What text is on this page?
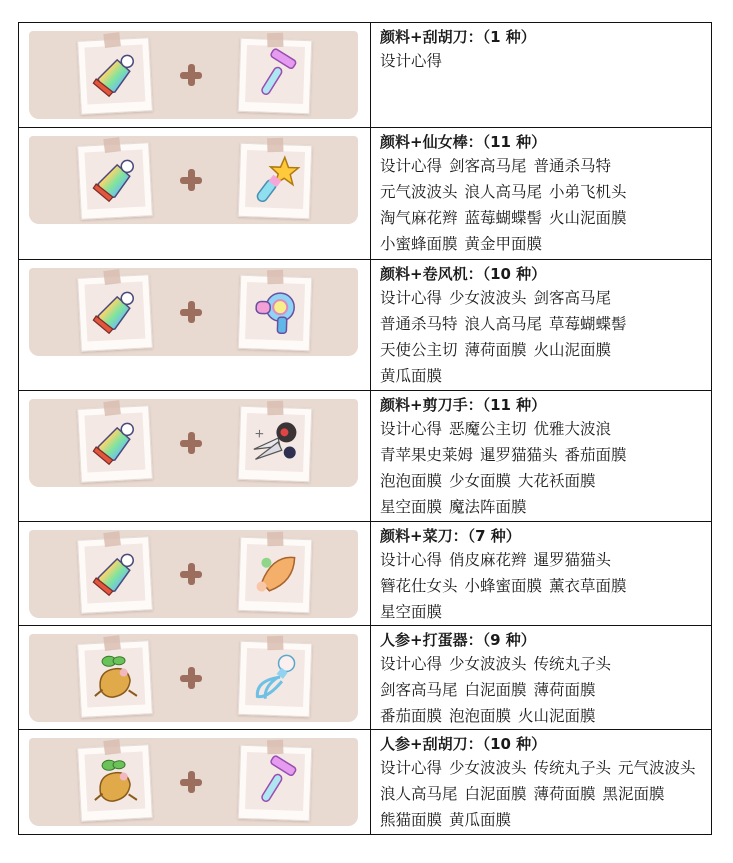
颜料+刮胡刀：（1 种）
设计心得

颜料+仙女棒：（11 种）
设计心得 剑客高马尾 普通杀马特
元气波波头 浪人高马尾 小弟飞机头
淘气麻花辫 蓝莓蝴蝶髻 火山泥面膜
小蜜蜂面膜 黄金甲面膜

颜料+卷风机：（10 种）
设计心得 少女波波头 剑客高马尾
普通杀马特 浪人高马尾 草莓蝴蝶髻
天使公主切 薄荷面膜 火山泥面膜
黄瓜面膜

+	颜料+剪刀手：（11 种）
设计心得 恶魔公主切 优雅大波浪
青苹果史莱姆 暹罗猫猫头 番茄面膜
泡泡面膜 少女面膜 大花袄面膜
星空面膜 魔法阵面膜

颜料+菜刀：（7 种）
设计心得 俏皮麻花辫 暹罗猫猫头
簪花仕女头 小蜂蜜面膜 薰衣草面膜
星空面膜

人参+打蛋器：（9 种）
设计心得 少女波波头 传统丸子头
剑客高马尾 白泥面膜 薄荷面膜
番茄面膜 泡泡面膜 火山泥面膜

人参+刮胡刀：（10 种）
设计心得 少女波波头 传统丸子头 元气波波头
浪人高马尾 白泥面膜 薄荷面膜 黑泥面膜
熊猫面膜 黄瓜面膜
